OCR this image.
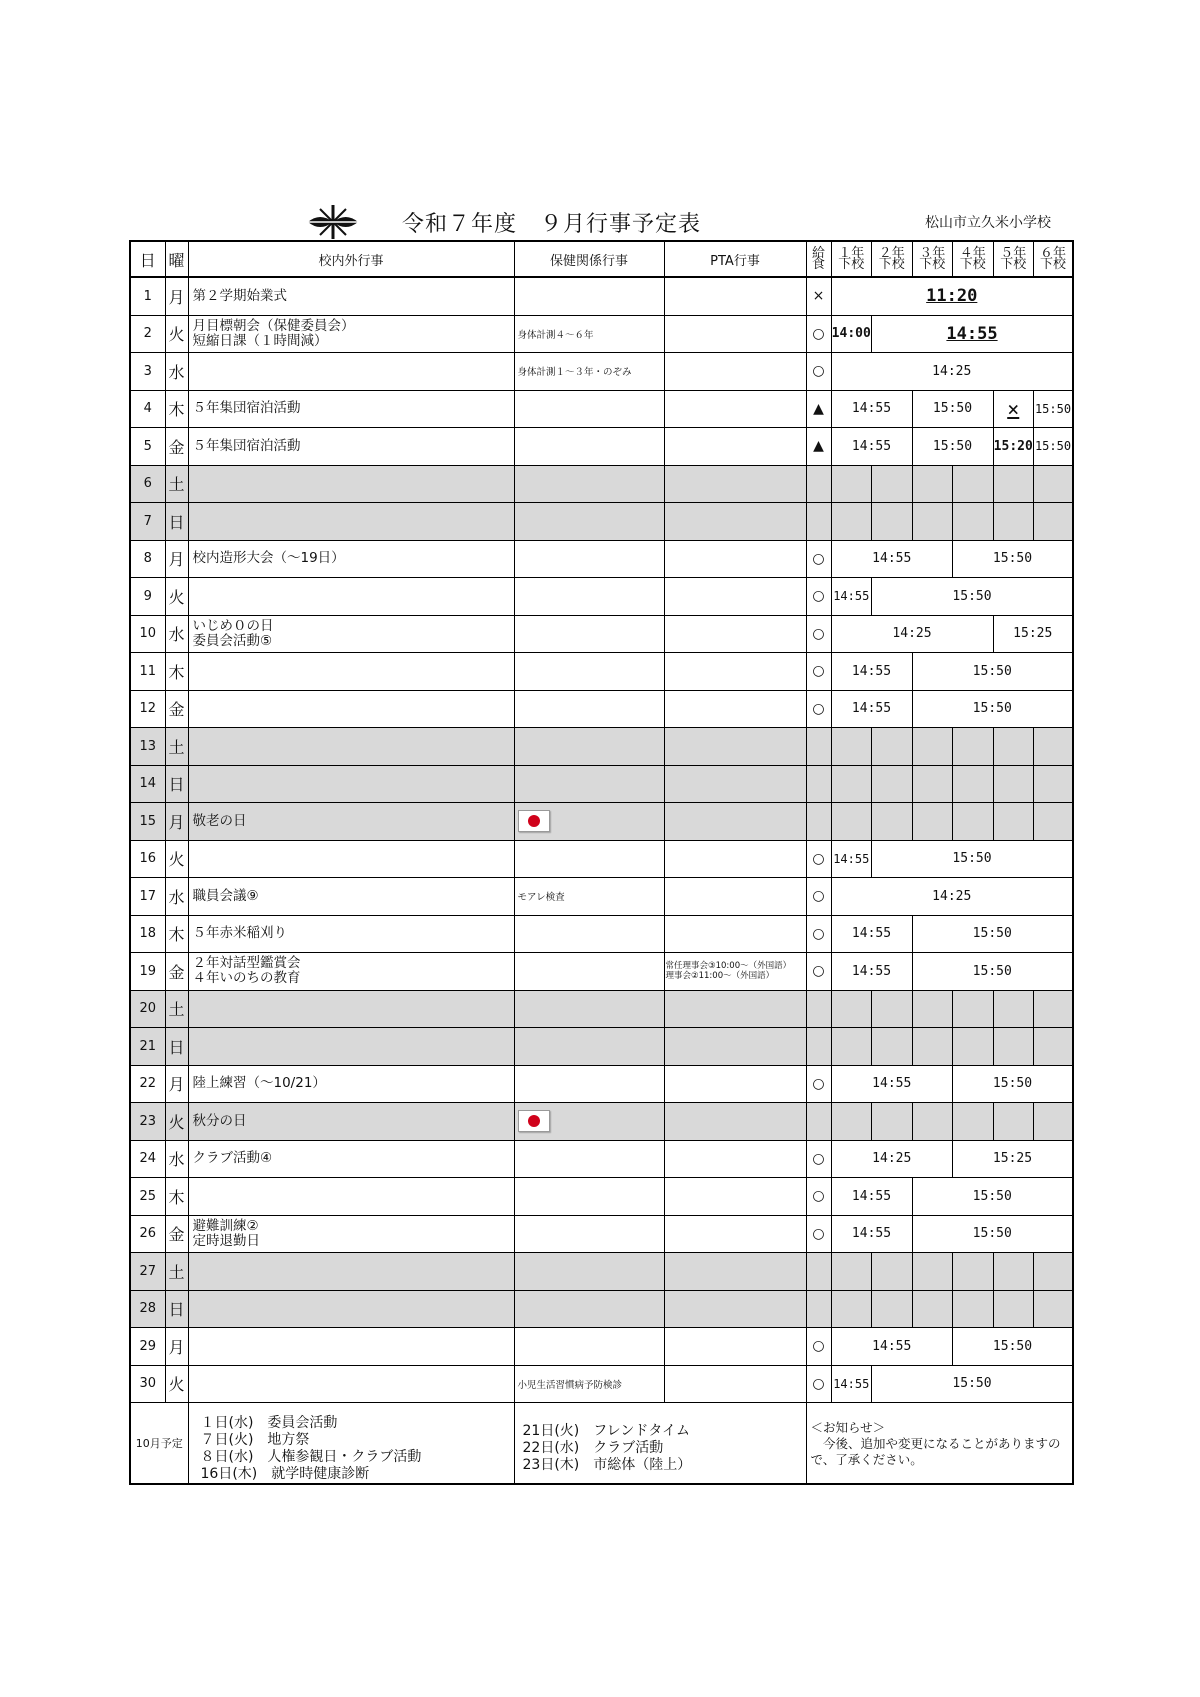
令和７年度　９月行事予定表	松山市立久米小学校
日	曜	校内外行事	保健関係行事	PTA行事	給食	１年 下校	２年 下校	３年 下校	４年 下校	５年 下校	６年 下校
1	月	第２学期始業式			×	11:20					
2	火	月目標朝会（保健委員会）
短縮日課（１時間減）	身体計測４～６年		○	14:00	14:55				
3	水		身体計測１～３年・のぞみ		○	14:25					
4	木	５年集団宿泊活動			▲	14:55		15:50		×	15:50
5	金	５年集団宿泊活動			▲	14:55		15:50		15:20	15:50
6	土										
7	日										
8	月	校内造形大会（～19日）			○	14:55			15:50		
9	火				○	14:55	15:50				
10	水	いじめ０の日
委員会活動⑤			○	14:25				15:25	
11	木				○	14:55		15:50			
12	金				○	14:55		15:50			
13	土										
14	日										
15	月	敬老の日									

16	火				○	14:55	15:50				
17	水	職員会議⑨	モアレ検査		○	14:25					
18	木	５年赤米稲刈り			○	14:55		15:50			
19	金	２年対話型鑑賞会
４年いのちの教育		常任理事会③10:00～（外国語）
理事会②11:00～（外国語）	○	14:55		15:50			
20	土										
21	日										
22	月	陸上練習（～10/21）			○	14:55			15:50		
23	火	秋分の日									

24	水	クラブ活動④			○	14:25			15:25		
25	木				○	14:55		15:50			
26	金	避難訓練②
定時退勤日			○	14:55		15:50			
27	土										
28	日										
29	月				○	14:55			15:50		
30	火		小児生活習慣病予防検診		○	14:55	15:50				
10月予定		１日(水)　委員会活動
７日(火)　地方祭
８日(水)　人権参観日・クラブ活動
16日(木)　就学時健康診断	21日(火)　フレンドタイム
22日(水)　クラブ活動
23日(木)　市総体（陸上）		＜お知らせ＞
　今後、追加や変更になることがありますので、了承ください。						
